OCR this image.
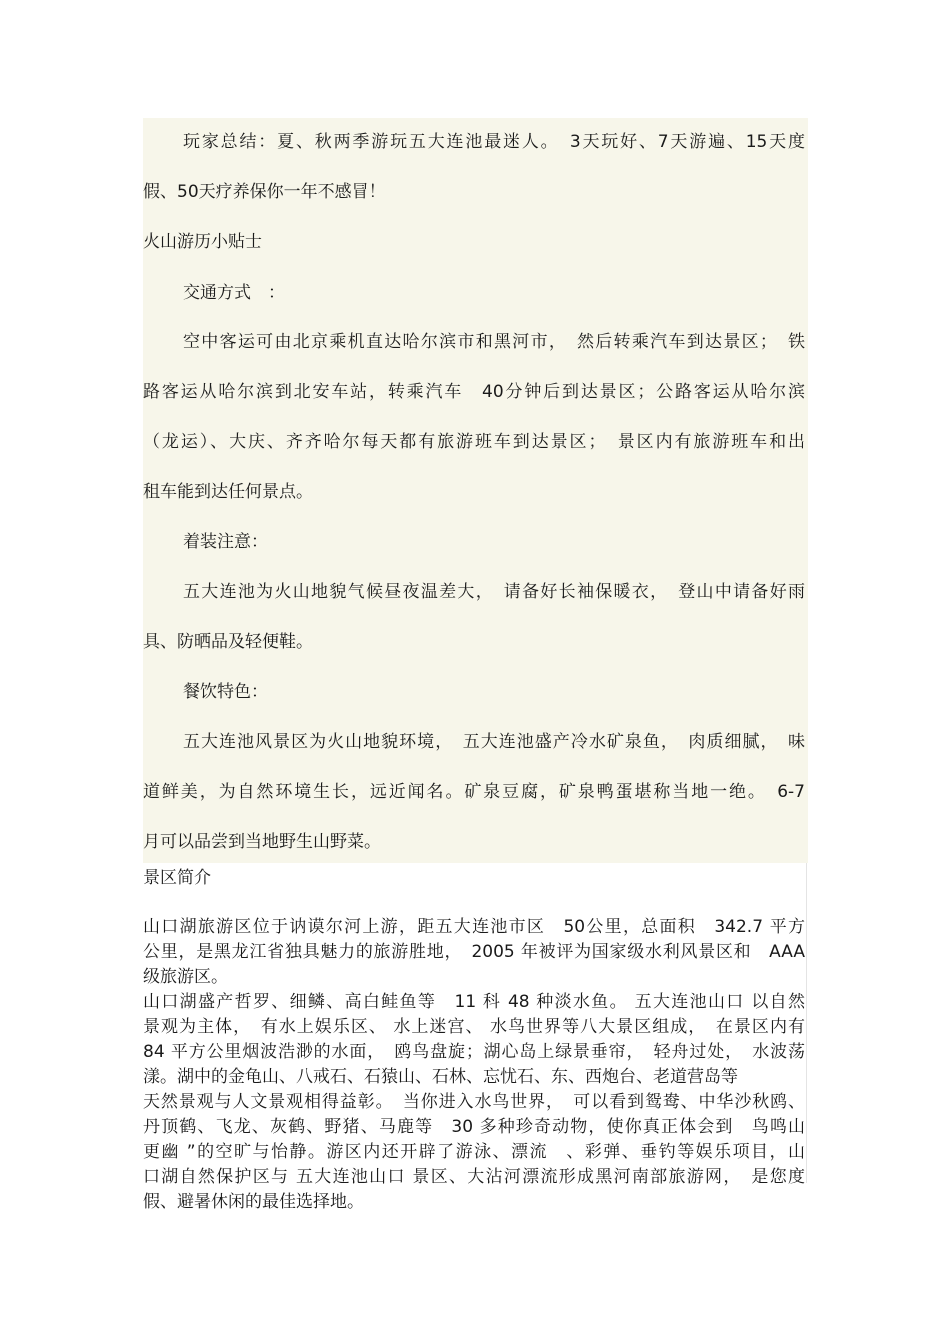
玩家总结：夏、秋两季游玩五大连池最迷人。　3天玩好、7天游遍、15天度
假、50天疗养保你一年不感冒！
火山游历小贴士
交通方式　：
空中客运可由北京乘机直达哈尔滨市和黑河市，　然后转乘汽车到达景区；　铁
路客运从哈尔滨到北安车站，转乘汽车　40分钟后到达景区；公路客运从哈尔滨
（龙运）、大庆、齐齐哈尔每天都有旅游班车到达景区；　景区内有旅游班车和出
租车能到达任何景点。
着装注意：
五大连池为火山地貌气候昼夜温差大，　请备好长袖保暖衣，　登山中请备好雨
具、防晒品及轻便鞋。
餐饮特色：
五大连池风景区为火山地貌环境，　五大连池盛产冷水矿泉鱼，　肉质细腻，　味
道鲜美，为自然环境生长，远近闻名。矿泉豆腐，矿泉鸭蛋堪称当地一绝。　6-7
月可以品尝到当地野生山野菜。
景区简介
山口湖旅游区位于讷谟尔河上游，距五大连池市区　50公里，总面积　342.7 平方
公里，是黑龙江省独具魅力的旅游胜地，　2005 年被评为国家级水利风景区和　AAA
级旅游区。
山口湖盛产哲罗、细鳞、高白鲑鱼等　11 科 48 种淡水鱼。 五大连池山口 以自然
景观为主体，　有水上娱乐区、 水上迷宫、 水鸟世界等八大景区组成，　在景区内有
84 平方公里烟波浩渺的水面，　鸥鸟盘旋；湖心岛上绿景垂帘，　轻舟过处，　水波荡
漾。湖中的金龟山、八戒石、石猿山、石林、忘忧石、东、西炮台、老道营岛等
天然景观与人文景观相得益彰。　当你进入水鸟世界，　可以看到鸳鸯、中华沙秋鸥、
丹顶鹤、飞龙、灰鹤、野猪、马鹿等　30 多种珍奇动物，使你真正体会到　鸟鸣山
更幽 ”的空旷与怡静。游区内还开辟了游泳、漂流　、彩弹、垂钓等娱乐项目，山
口湖自然保护区与 五大连池山口 景区、大沾河漂流形成黑河南部旅游网，　是您度
假、避暑休闲的最佳选择地。
